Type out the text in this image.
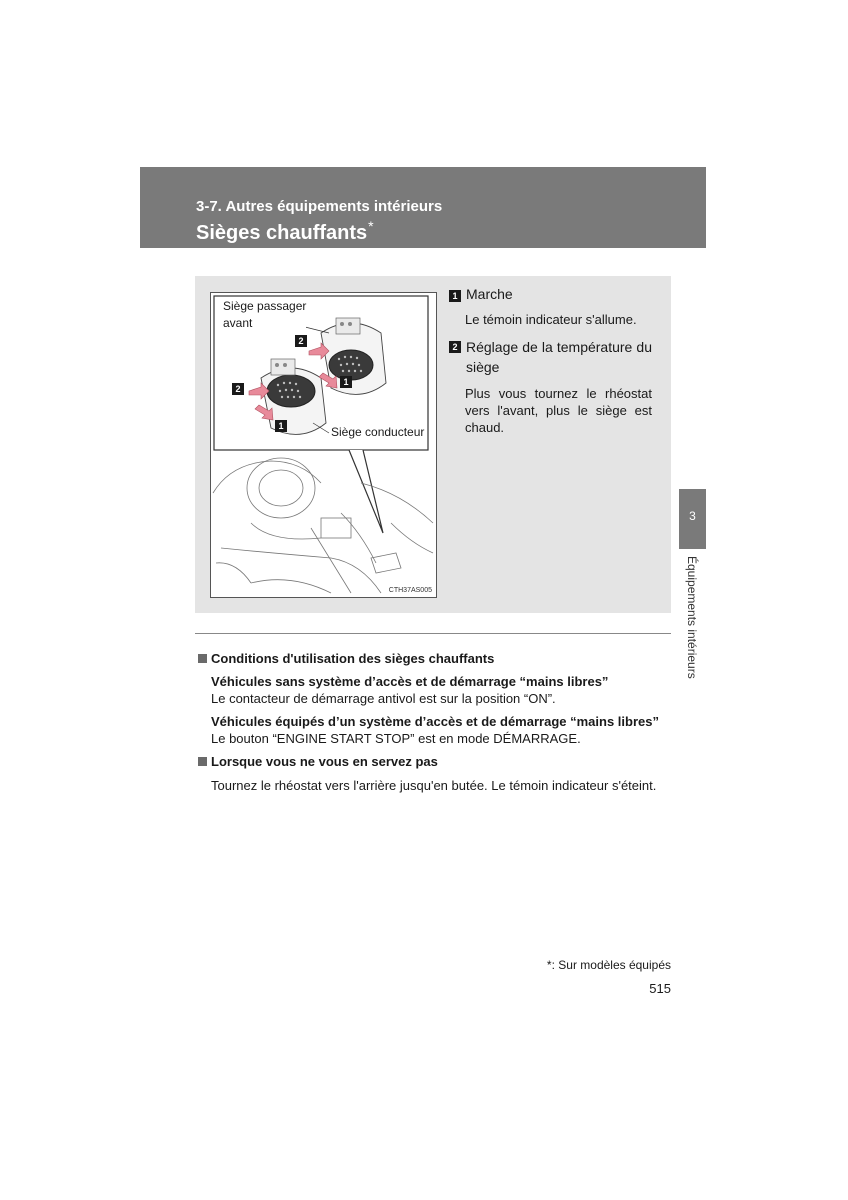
3-7. Autres équipements intérieurs
Sièges chauffants*
Siège passager
avant
Siège conducteur
2
1
2
1
CTH37AS005
1 Marche
Le témoin indicateur s'allume.
2 Réglage de la température du siège
Plus vous tournez le rhéostat vers l'avant, plus le siège est chaud.
Conditions d'utilisation des sièges chauffants
Véhicules sans système d’accès et de démarrage “mains libres”
Le contacteur de démarrage antivol est sur la position “ON”.
Véhicules équipés d’un système d’accès et de démarrage “mains libres”
Le bouton “ENGINE START STOP” est en mode DÉMARRAGE.
Lorsque vous ne vous en servez pas
Tournez le rhéostat vers l'arrière jusqu'en butée. Le témoin indicateur s'éteint.
3
Équipements intérieurs
*: Sur modèles équipés
515
